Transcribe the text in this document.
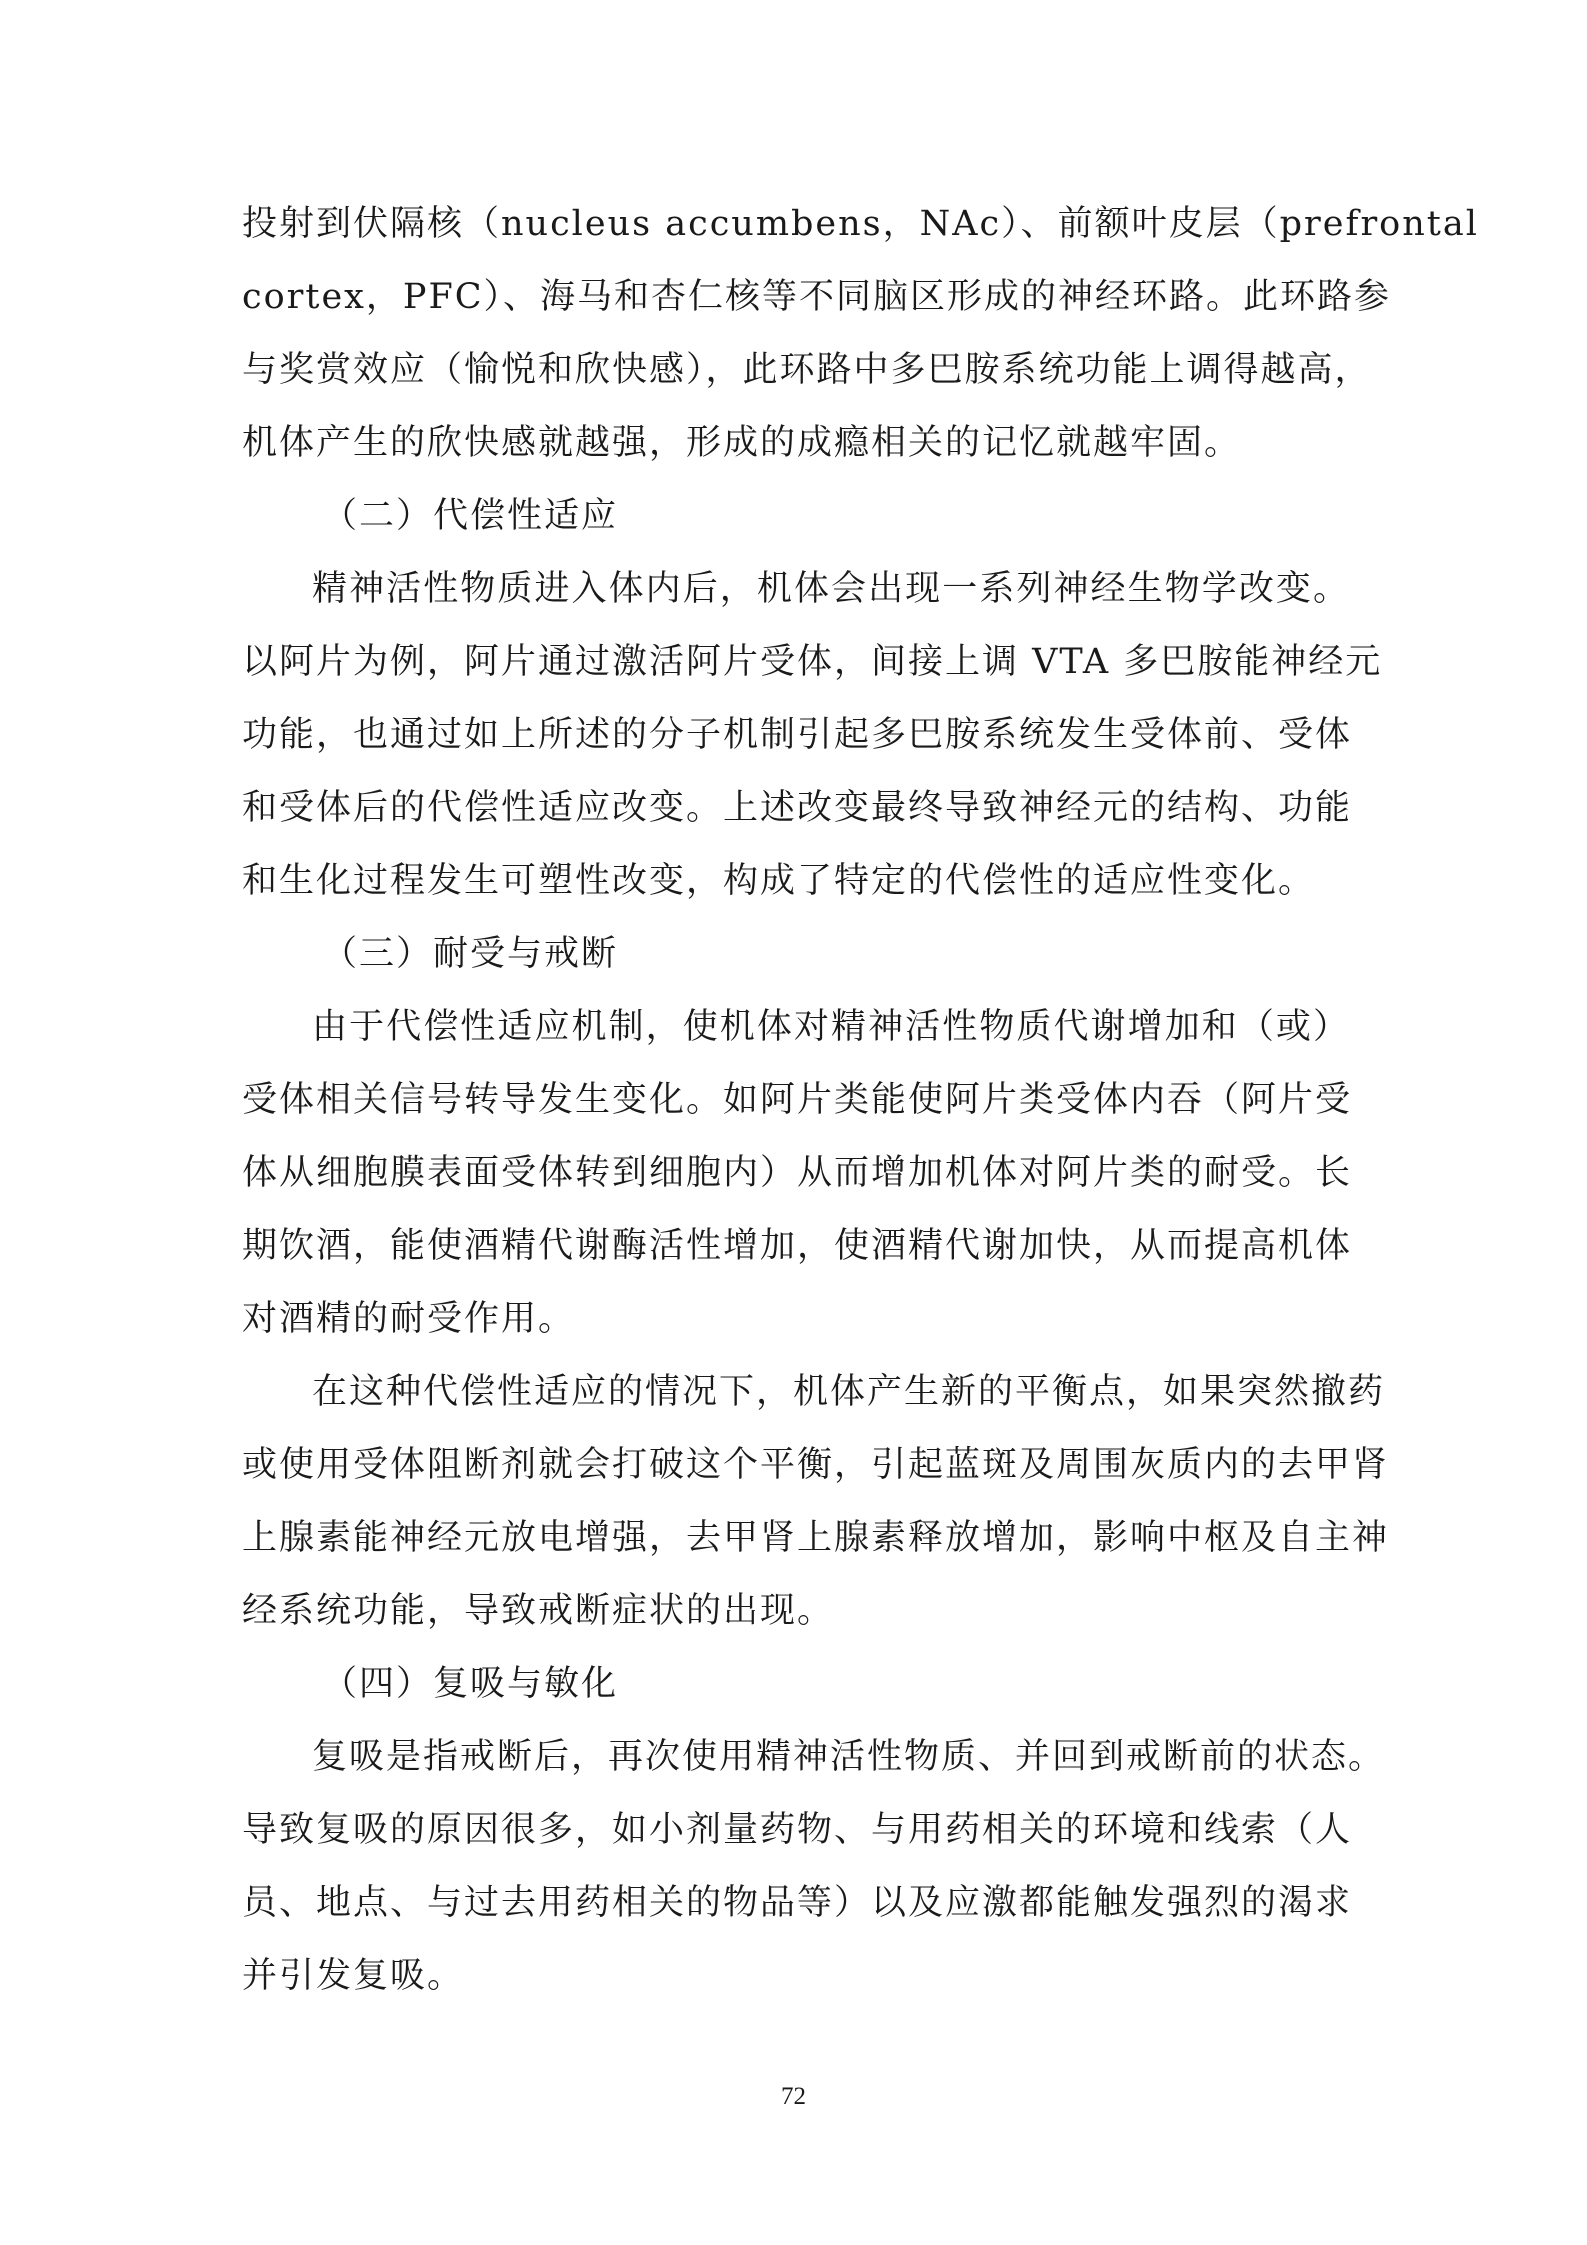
投射到伏隔核（nucleus accumbens，NAc）、前额叶皮层（prefrontal
cortex，PFC）、海马和杏仁核等不同脑区形成的神经环路。此环路参
与奖赏效应（愉悦和欣快感），此环路中多巴胺系统功能上调得越高，
机体产生的欣快感就越强，形成的成瘾相关的记忆就越牢固。
（二）代偿性适应
精神活性物质进入体内后，机体会出现一系列神经生物学改变。
以阿片为例，阿片通过激活阿片受体，间接上调 VTA 多巴胺能神经元
功能，也通过如上所述的分子机制引起多巴胺系统发生受体前、受体
和受体后的代偿性适应改变。上述改变最终导致神经元的结构、功能
和生化过程发生可塑性改变，构成了特定的代偿性的适应性变化。
（三）耐受与戒断
由于代偿性适应机制，使机体对精神活性物质代谢增加和（或）
受体相关信号转导发生变化。如阿片类能使阿片类受体内吞（阿片受
体从细胞膜表面受体转到细胞内）从而增加机体对阿片类的耐受。长
期饮酒，能使酒精代谢酶活性增加，使酒精代谢加快，从而提高机体
对酒精的耐受作用。
在这种代偿性适应的情况下，机体产生新的平衡点，如果突然撤药
或使用受体阻断剂就会打破这个平衡，引起蓝斑及周围灰质内的去甲肾
上腺素能神经元放电增强，去甲肾上腺素释放增加，影响中枢及自主神
经系统功能，导致戒断症状的出现。
（四）复吸与敏化
复吸是指戒断后，再次使用精神活性物质、并回到戒断前的状态。
导致复吸的原因很多，如小剂量药物、与用药相关的环境和线索（人
员、地点、与过去用药相关的物品等）以及应激都能触发强烈的渴求
并引发复吸。
72
